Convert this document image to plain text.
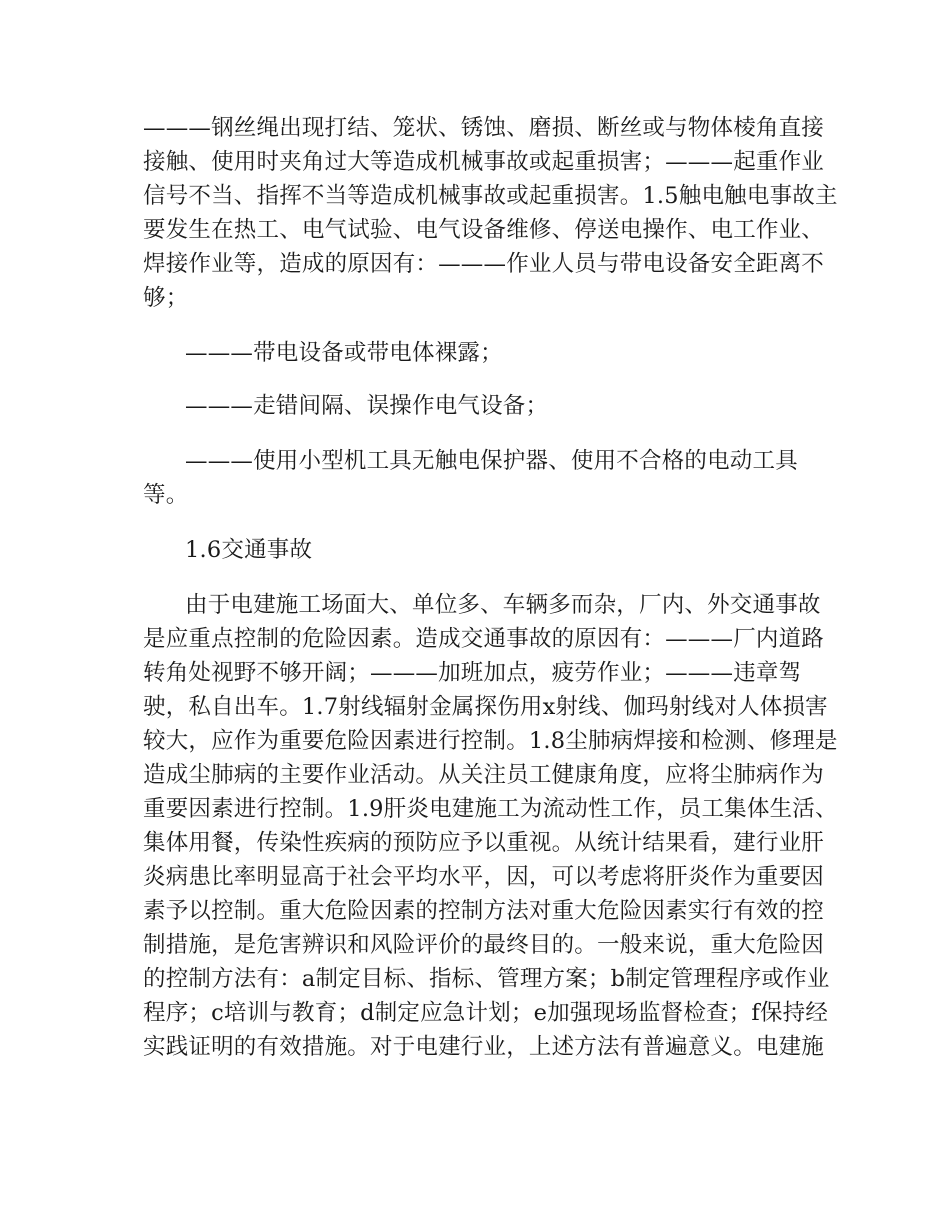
———钢丝绳出现打结、笼状、锈蚀、磨损、断丝或与物体棱角直接
接触、使用时夹角过大等造成机械事故或起重损害；———起重作业
信号不当、指挥不当等造成机械事故或起重损害。1.5触电触电事故主
要发生在热工、电气试验、电气设备维修、停送电操作、电工作业、
焊接作业等，造成的原因有：———作业人员与带电设备安全距离不
够；
———带电设备或带电体裸露；
———走错间隔、误操作电气设备；
———使用小型机工具无触电保护器、使用不合格的电动工具
等。
1.6交通事故
由于电建施工场面大、单位多、车辆多而杂，厂内、外交通事故
是应重点控制的危险因素。造成交通事故的原因有：———厂内道路
转角处视野不够开阔；———加班加点，疲劳作业；———违章驾
驶，私自出车。1.7射线辐射金属探伤用x射线、伽玛射线对人体损害
较大，应作为重要危险因素进行控制。1.8尘肺病焊接和检测、修理是
造成尘肺病的主要作业活动。从关注员工健康角度，应将尘肺病作为
重要因素进行控制。1.9肝炎电建施工为流动性工作，员工集体生活、
集体用餐，传染性疾病的预防应予以重视。从统计结果看，建行业肝
炎病患比率明显高于社会平均水平，因，可以考虑将肝炎作为重要因
素予以控制。重大危险因素的控制方法对重大危险因素实行有效的控
制措施，是危害辨识和风险评价的最终目的。一般来说，重大危险因
的控制方法有：a制定目标、指标、管理方案；b制定管理程序或作业
程序；c培训与教育；d制定应急计划；e加强现场监督检查；f保持经
实践证明的有效措施。对于电建行业，上述方法有普遍意义。电建施
